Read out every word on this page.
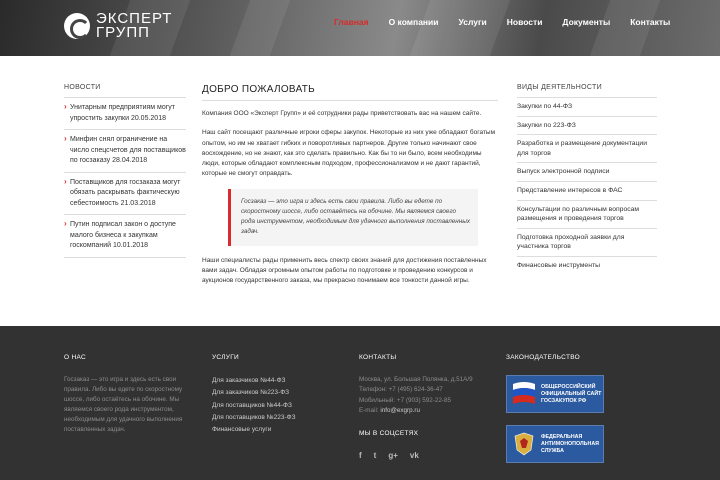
ЭКСПЕРТ
ГРУПП
Главная	О компании	Услуги	Новости	Документы	Контакты
НОВОСТИ
› Унитарным предприятиям могут упростить закупки 20.05.2018
› Минфин снял ограничение на число спецсчетов для поставщиков по госзаказу 28.04.2018
› Поставщиков для госзаказа могут обязать раскрывать фактическую себестоимость 21.03.2018
› Путин подписал закон о доступе малого бизнеса к закупкам госкомпаний 10.01.2018
ДОБРО ПОЖАЛОВАТЬ

Компания ООО «Эксперт Групп» и её сотрудники рады приветствовать вас на нашем сайте.

Наш сайт посещают различные игроки сферы закупок. Некоторые из них уже обладают богатым опытом, но им не хватает гибких и поворотливых партнеров. Другие только начинают свое восхождение, но не знают, как это сделать правильно. Как бы то ни было, всем необходимы люди, которые обладают комплексным подходом, профессионализмом и не дают гарантий, которые не смогут оправдать.

Госзаказ — это игра и здесь есть свои правила. Либо вы едете по скоростному шоссе, либо оставётесь на обочине. Мы являемся своего рода инструментом, необходимым для удачного выполнения поставленных задач.

Наши специалисты рады применить весь спектр своих знаний для достижения поставленных вами задач. Обладая огромным опытом работы по подготовке и проведению конкурсов и аукционов государственного заказа, мы прекрасно понимаем все тонкости данной игры.

ВИДЫ ДЕЯТЕЛЬНОСТИ
Закупки по 44-ФЗ
Закупки по 223-ФЗ
Разработка и размещение документации для торгов
Выпуск электронной подписи
Представление интересов в ФАС
Консультации по различным вопросам размещения и проведения торгов
Подготовка проходной заявки для участника торгов
Финансовые инструменты
О НАС
Госзаказ — это игра и здесь есть свои правила. Либо вы едете по скоростному шоссе, либо остаётесь на обочине. Мы являемся своего рода инструментом, необходимым для удачного выполнения поставленных задач.
УСЛУГИ
Для заказчиков №44-ФЗ
Для заказчиков №223-ФЗ
Для поставщиков №44-ФЗ
Для поставщиков №223-ФЗ
Финансовые услуги
КОНТАКТЫ
Москва, ул. Большая Полянка, д.51А/9
Телефон: +7 (495) 624-36-47
Мобильный: +7 (903) 592-22-85
E-mail: info@exgrp.ru
МЫ В СОЦСЕТЯХ
f t g+ vk
ЗАКОНОДАТЕЛЬСТВО
ОБЩЕРОССИЙСКИЙ ОФИЦИАЛЬНЫЙ САЙТ ГОСЗАКУПОК РФ
ФЕДЕРАЛЬНАЯ АНТИМОНОПОЛЬНАЯ СЛУЖБА
